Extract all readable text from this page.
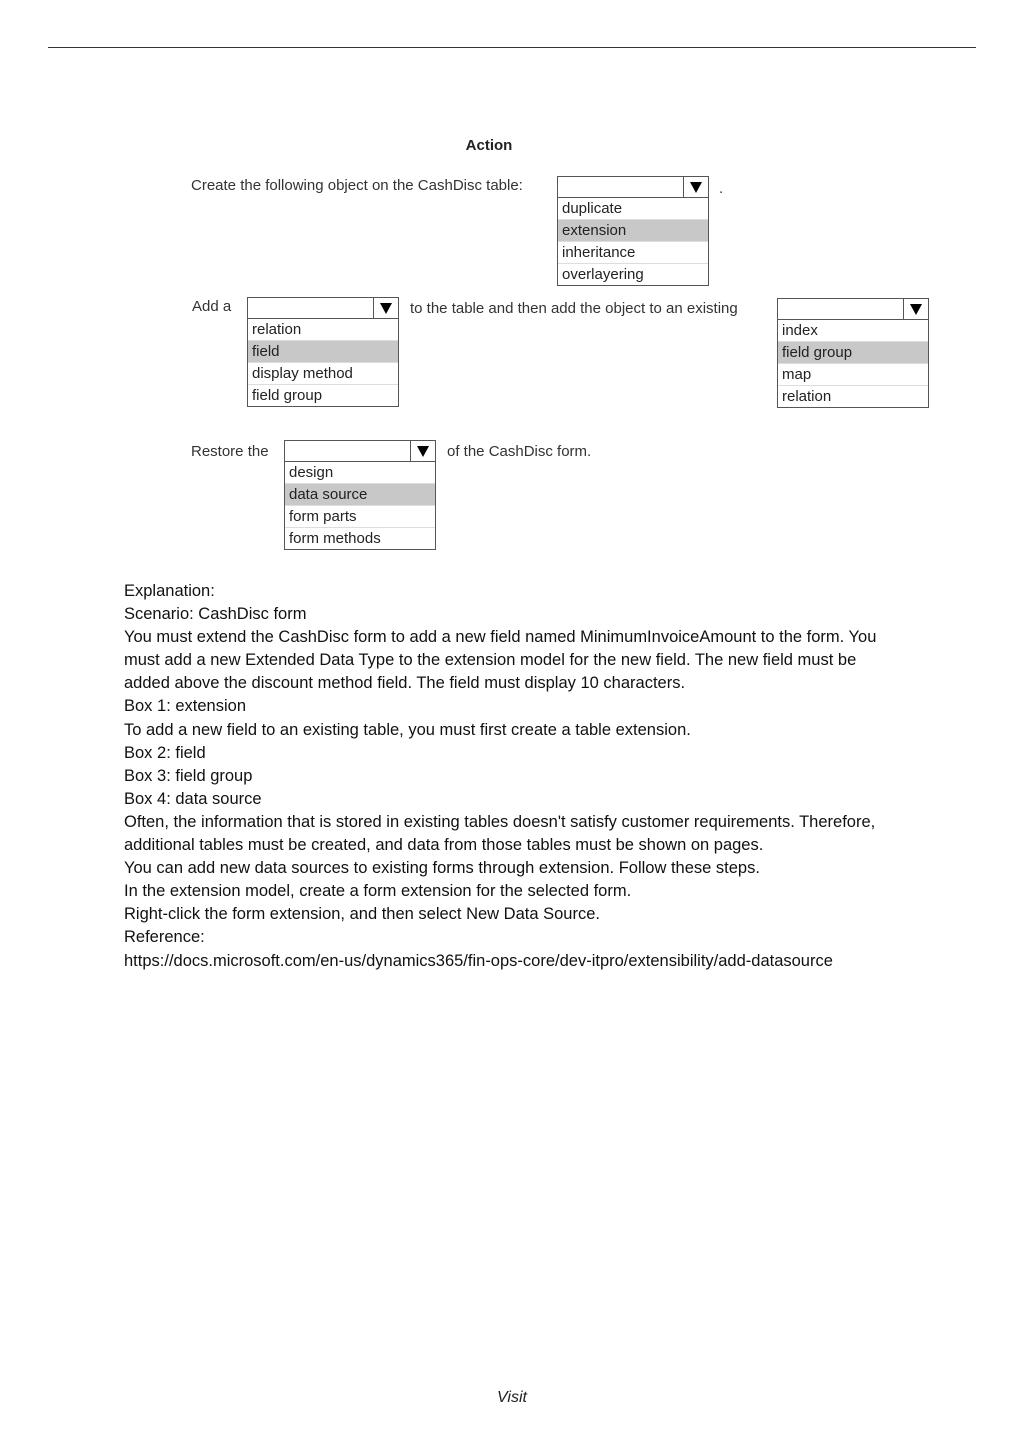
Action
Create the following object on the CashDisc table:
duplicate
extension
inheritance
overlayering
.
Add a
relation
field
display method
field group
to the table and then add the object to an existing
index
field group
map
relation
Restore the
design
data source
form parts
form methods
of the CashDisc form.
Explanation:
Scenario: CashDisc form
You must extend the CashDisc form to add a new field named MinimumInvoiceAmount to the form. You
must add a new Extended Data Type to the extension model for the new field. The new field must be
added above the discount method field. The field must display 10 characters.
Box 1: extension
To add a new field to an existing table, you must first create a table extension.
Box 2: field
Box 3: field group
Box 4: data source
Often, the information that is stored in existing tables doesn't satisfy customer requirements. Therefore,
additional tables must be created, and data from those tables must be shown on pages.
You can add new data sources to existing forms through extension. Follow these steps.
In the extension model, create a form extension for the selected form.
Right-click the form extension, and then select New Data Source.
Reference:
https://docs.microsoft.com/en-us/dynamics365/fin-ops-core/dev-itpro/extensibility/add-datasource
Visit
